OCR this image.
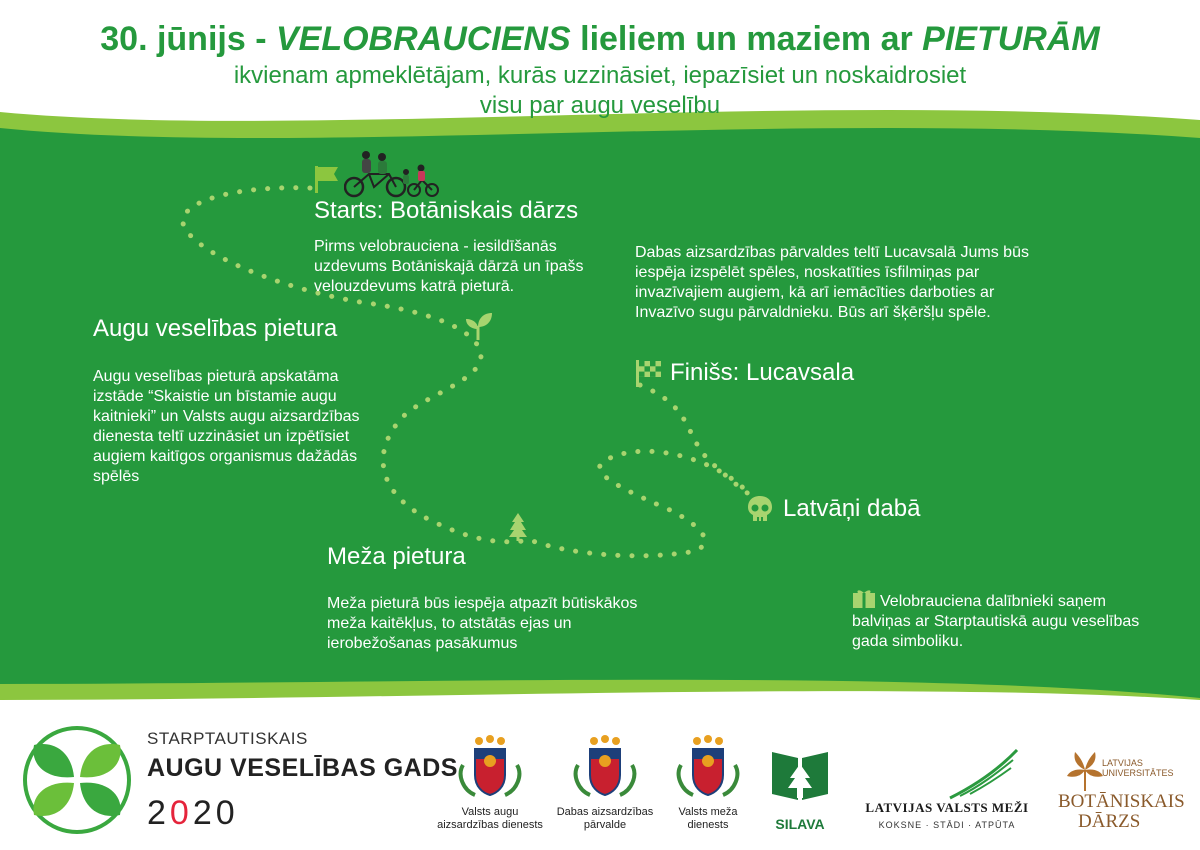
30. jūnijs - VELOBRAUCIENS lieliem un maziem ar PIETURĀM
ikvienam apmeklētājam, kurās uzzināsiet, iepazīsiet un noskaidrosiet
visu par augu veselību
Starts: Botāniskais dārzs
Pirms velobrauciena - iesildīšanās uzdevums Botāniskajā dārzā un īpašs velouzdevums katrā pieturā.
Augu veselības pietura
Augu veselības pieturā apskatāma izstāde “Skaistie un bīstamie augu kaitnieki” un Valsts augu aizsardzības dienesta teltī uzzināsiet un izpētīsiet augiem kaitīgos organismus dažādās spēlēs
Dabas aizsardzības pārvaldes teltī Lucavsalā Jums būs iespēja izspēlēt spēles, noskatīties īsfilmiņas par invazīvajiem augiem, kā arī iemācīties darboties ar Invazīvo sugu pārvaldnieku. Būs arī šķēršļu spēle.
Finišs: Lucavsala
Latvāņi dabā
Meža pietura
Meža pieturā būs iespēja atpazīt būtiskākos meža kaitēkļus, to atstātās ejas un ierobežošanas pasākumus
Velobrauciena dalībnieki saņem balviņas ar Starptautiskā augu veselības gada simboliku.
STARPTAUTISKAIS
AUGU VESELĪBAS GADS
2020	Valsts augu
aizsardzības dienests
Dabas aizsardzības
pārvalde
Valsts meža
dienests	SILAVA
LATVIJAS VALSTS MEŽI
KOKSNE · STĀDI · ATPŪTA
LATVIJAS
UNIVERSITĀTES
BOTĀNISKAIS
DĀRZS
